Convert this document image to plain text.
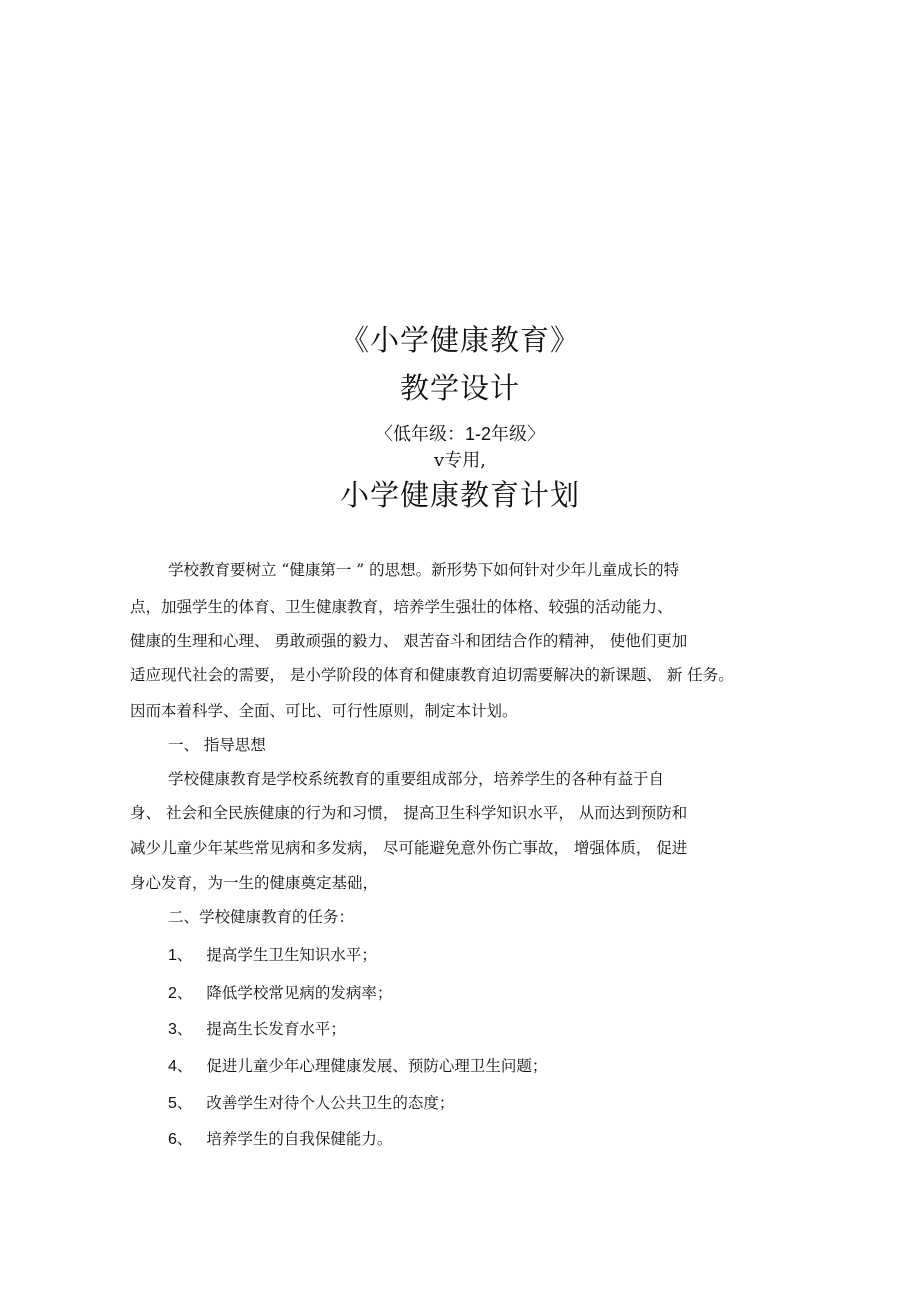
《小学健康教育》
教学设计
〈低年级：1-2年级〉
v专用,
小学健康教育计划
学校教育要树立 “健康第一 ” 的思想。新形势下如何针对少年儿童成长的特
点，加强学生的体育、卫生健康教育，培养学生强壮的体格、较强的活动能力、
健康的生理和心理、 勇敢顽强的毅力、 艰苦奋斗和团结合作的精神， 使他们更加
适应现代社会的需要， 是小学阶段的体育和健康教育迫切需要解决的新课题、 新 任务。
因而本着科学、全面、可比、可行性原则，制定本计划。
一、 指导思想
学校健康教育是学校系统教育的重要组成部分，培养学生的各种有益于自
身、 社会和全民族健康的行为和习惯， 提高卫生科学知识水平， 从而达到预防和
减少儿童少年某些常见病和多发病， 尽可能避免意外伤亡事故， 增强体质， 促进
身心发育，为一生的健康奠定基础，
二、学校健康教育的任务：
1、 提高学生卫生知识水平；
2、 降低学校常见病的发病率；
3、 提高生长发育水平；
4、 促进儿童少年心理健康发展、预防心理卫生问题；
5、 改善学生对待个人公共卫生的态度；
6、 培养学生的自我保健能力。
